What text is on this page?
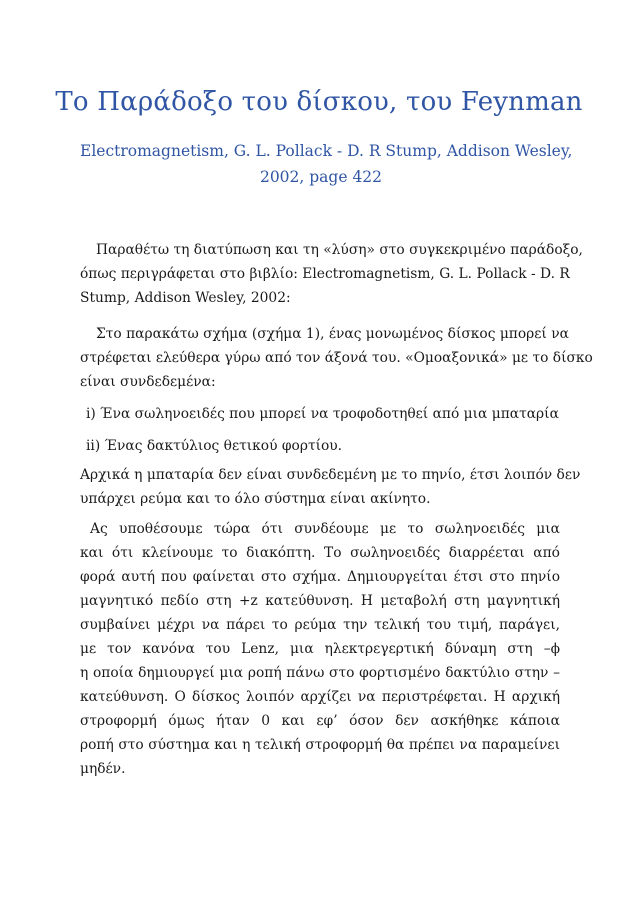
Το Παράδοξο του δίσκου, του Feynman
Electromagnetism, G. L. Pollack - D. R Stump, Addison Wesley,
2002, page 422
Παραθέτω τη διατύπωση και τη «λύση» στο συγκεκριμένο παράδοξο,
όπως περιγράφεται στο βιβλίο: Electromagnetism, G. L. Pollack - D. R
Stump, Addison Wesley, 2002:
Στο παρακάτω σχήμα (σχήμα 1), ένας μονωμένος δίσκος μπορεί να
στρέφεται ελεύθερα γύρω από τον άξονά του. «Ομοαξονικά» με το δίσκο
είναι συνδεδεμένα:
i) Ένα σωληνοειδές που μπορεί να τροφοδοτηθεί από μια μπαταρία
ii) Ένας δακτύλιος θετικού φορτίου.
Αρχικά η μπαταρία δεν είναι συνδεδεμένη με το πηνίο, έτσι λοιπόν δεν
υπάρχει ρεύμα και το όλο σύστημα είναι ακίνητο.
Ας υποθέσουμε τώρα ότι συνδέουμε με το σωληνοειδές μια
και ότι κλείνουμε το διακόπτη. Το σωληνοειδές διαρρέεται από
φορά αυτή που φαίνεται στο σχήμα. Δημιουργείται έτσι στο πηνίο
μαγνητικό πεδίο στη +z κατεύθυνση. Η μεταβολή στη μαγνητική
συμβαίνει μέχρι να πάρει το ρεύμα την τελική του τιμή, παράγει,
με τον κανόνα του Lenz, μια ηλεκτρεγερτική δύναμη στη –ϕ
η οποία δημιουργεί μια ροπή πάνω στο φορτισμένο δακτύλιο στην –
κατεύθυνση. Ο δίσκος λοιπόν αρχίζει να περιστρέφεται. Η αρχική
στροφορμή όμως ήταν 0 και εφ’ όσον δεν ασκήθηκε κάποια
ροπή στο σύστημα και η τελική στροφορμή θα πρέπει να παραμείνει
μηδέν.
